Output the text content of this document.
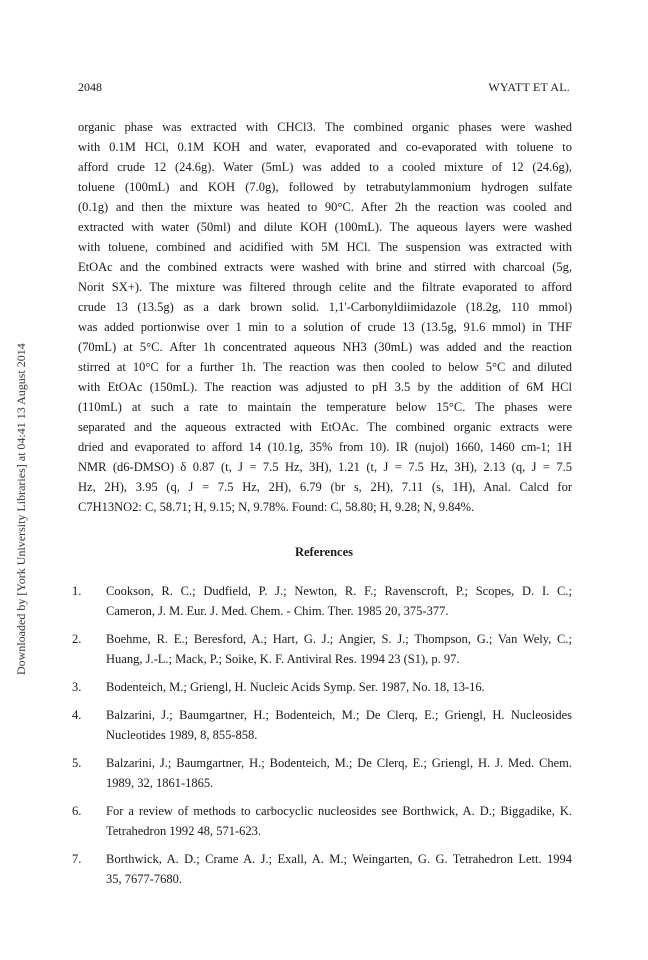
2048	WYATT ET AL.
Downloaded by [York University Libraries] at 04:41 13 August 2014
organic phase was extracted with CHCl3. The combined organic phases were washed
with 0.1M HCl, 0.1M KOH and water, evaporated and co-evaporated with toluene to
afford crude 12 (24.6g). Water (5mL) was added to a cooled mixture of 12 (24.6g),
toluene (100mL) and KOH (7.0g), followed by tetrabutylammonium hydrogen sulfate
(0.1g) and then the mixture was heated to 90°C. After 2h the reaction was cooled and
extracted with water (50ml) and dilute KOH (100mL). The aqueous layers were washed
with toluene, combined and acidified with 5M HCl. The suspension was extracted with
EtOAc and the combined extracts were washed with brine and stirred with charcoal (5g,
Norit SX+). The mixture was filtered through celite and the filtrate evaporated to afford
crude 13 (13.5g) as a dark brown solid. 1,1'-Carbonyldiimidazole (18.2g, 110 mmol)
was added portionwise over 1 min to a solution of crude 13 (13.5g, 91.6 mmol) in THF
(70mL) at 5°C. After 1h concentrated aqueous NH3 (30mL) was added and the reaction
stirred at 10°C for a further 1h. The reaction was then cooled to below 5°C and diluted
with EtOAc (150mL). The reaction was adjusted to pH 3.5 by the addition of 6M HCl
(110mL) at such a rate to maintain the temperature below 15°C. The phases were
separated and the aqueous extracted with EtOAc. The combined organic extracts were
dried and evaporated to afford 14 (10.1g, 35% from 10). IR (nujol) 1660, 1460 cm-1; 1H
NMR (d6-DMSO) δ 0.87 (t, J = 7.5 Hz, 3H), 1.21 (t, J = 7.5 Hz, 3H), 2.13 (q, J = 7.5
Hz, 2H), 3.95 (q, J = 7.5 Hz, 2H), 6.79 (br s, 2H), 7.11 (s, 1H), Anal. Calcd for
C7H13NO2: C, 58.71; H, 9.15; N, 9.78%. Found: C, 58.80; H, 9.28; N, 9.84%.
References
1.	Cookson, R. C.; Dudfield, P. J.; Newton, R. F.; Ravenscroft, P.; Scopes, D. I. C.;
Cameron, J. M. Eur. J. Med. Chem. - Chim. Ther. 1985 20, 375-377.
2.	Boehme, R. E.; Beresford, A.; Hart, G. J.; Angier, S. J.; Thompson, G.; Van Wely, C.;
Huang, J.-L.; Mack, P.; Soike, K. F. Antiviral Res. 1994 23 (S1), p. 97.
3.	Bodenteich, M.; Griengl, H. Nucleic Acids Symp. Ser. 1987, No. 18, 13-16.
4.	Balzarini, J.; Baumgartner, H.; Bodenteich, M.; De Clerq, E.; Griengl, H. Nucleosides
Nucleotides 1989, 8, 855-858.
5.	Balzarini, J.; Baumgartner, H.; Bodenteich, M.; De Clerq, E.; Griengl, H. J. Med. Chem.
1989, 32, 1861-1865.
6.	For a review of methods to carbocyclic nucleosides see Borthwick, A. D.; Biggadike, K.
Tetrahedron 1992 48, 571-623.
7.	Borthwick, A. D.; Crame A. J.; Exall, A. M.; Weingarten, G. G. Tetrahedron Lett. 1994
35, 7677-7680.
